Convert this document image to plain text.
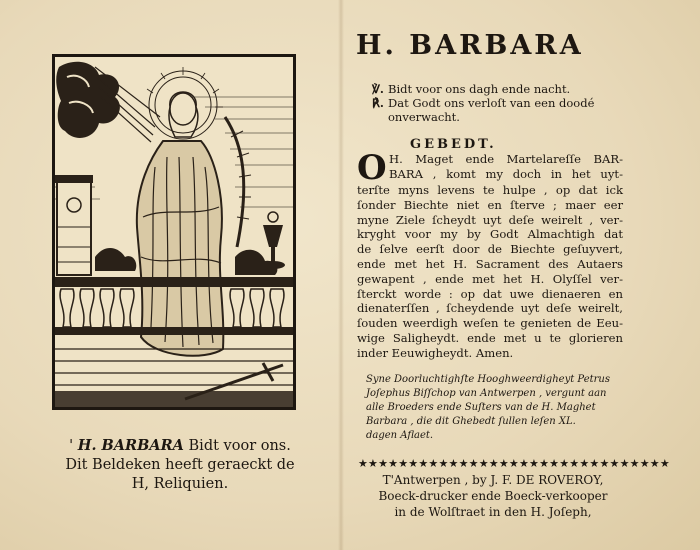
' H. BARBARA Bidt voor ons.
Dit Beldeken heeft geraeckt de
H, Reliquien.
H. BARBARA
℣. Bidt voor ons dagh ende nacht.
℟. Dat Godt ons verloſt van een doodé
onverwacht.
GEBEDT.
O H. Maget ende Martelareſſe BAR-
BARA , komt my doch in het uyt-
terſte myns levens te hulpe , op dat ick
ſonder Biechte niet en ſterve ; maer eer
myne Ziele ſcheydt uyt deſe weirelt , ver-
kryght voor my by Godt Almachtigh dat
de ſelve eerſt door de Biechte geſuyvert,
ende met het H. Sacrament des Autaers
gewapent , ende met het H. Olyſſel ver-
ſterckt worde : op dat uwe dienaeren en
dienaterſſen , ſcheydende uyt deſe weirelt,
ſouden weerdigh weſen te genieten de Eeu-
wige Saligheydt. ende met u te glorieren
inder Eeuwigheydt. Amen.
Syne Doorluchtighſte Hooghweerdigheyt Petrus
Joſephus Biſſchop van Antwerpen , vergunt aan
alle Broeders ende Suſters van de H. Maghet
Barbara , die dit Ghebedt ſullen leſen XL.
dagen Aflaet.
★★★★★★★★★★★★★★★★★★★★★★★★★★★★★★★
T'Antwerpen , by J. F. DE ROVEROY,
Boeck-drucker ende Boeck-verkooper
in de Wolſtraet in den H. Joſeph,
